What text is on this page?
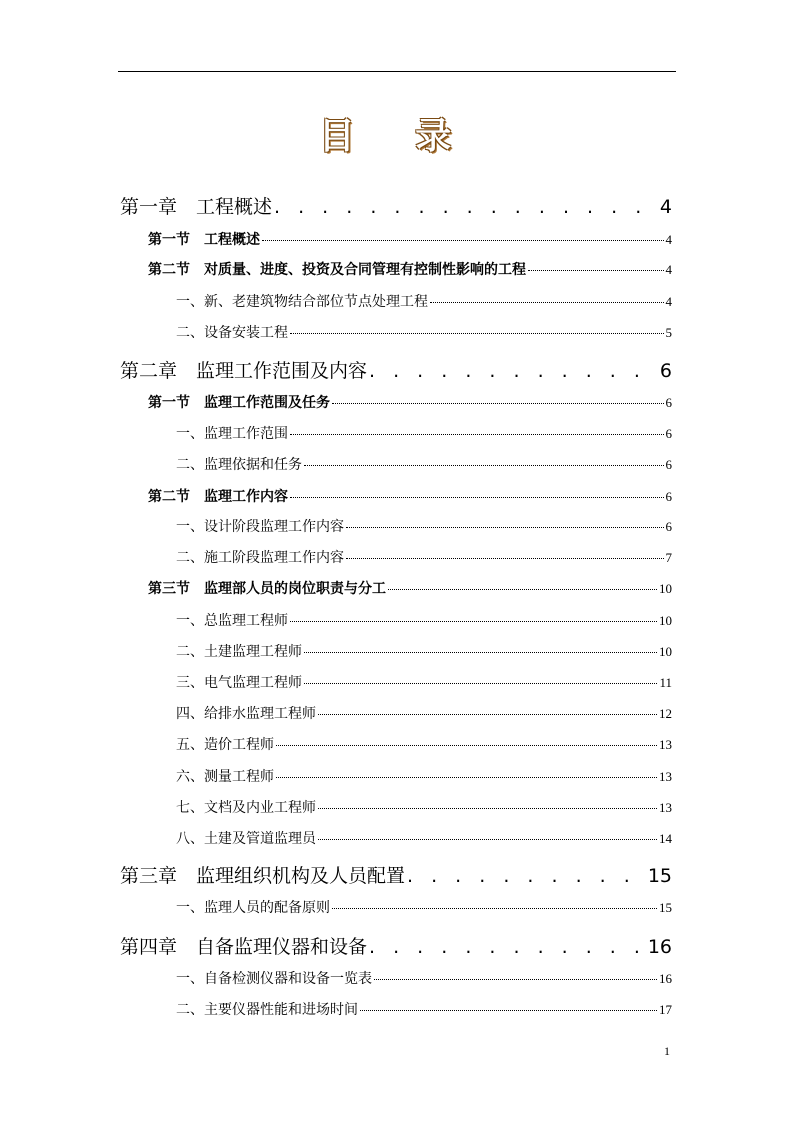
目 录
第一章　工程概述 . . .	4
第一节　工程概述	4
第二节　对质量、进度、投资及合同管理有控制性影响的工程	4
一、新、老建筑物结合部位节点处理工程	4
二、设备安装工程	5
第二章　监理工作范围及内容 . . .	6
第一节　监理工作范围及任务	6
一、监理工作范围	6
二、监理依据和任务	6
第二节　监理工作内容	6
一、设计阶段监理工作内容	6
二、施工阶段监理工作内容	7
第三节　监理部人员的岗位职责与分工	10
一、总监理工程师	10
二、土建监理工程师	10
三、电气监理工程师	11
四、给排水监理工程师	12
五、造价工程师	13
六、测量工程师	13
七、文档及内业工程师	13
八、土建及管道监理员	14
第三章　监理组织机构及人员配置 . . .	15
一、监理人员的配备原则	15
第四章　自备监理仪器和设备 . . .	16
一、自备检测仪器和设备一览表	16
二、主要仪器性能和进场时间	17
1
